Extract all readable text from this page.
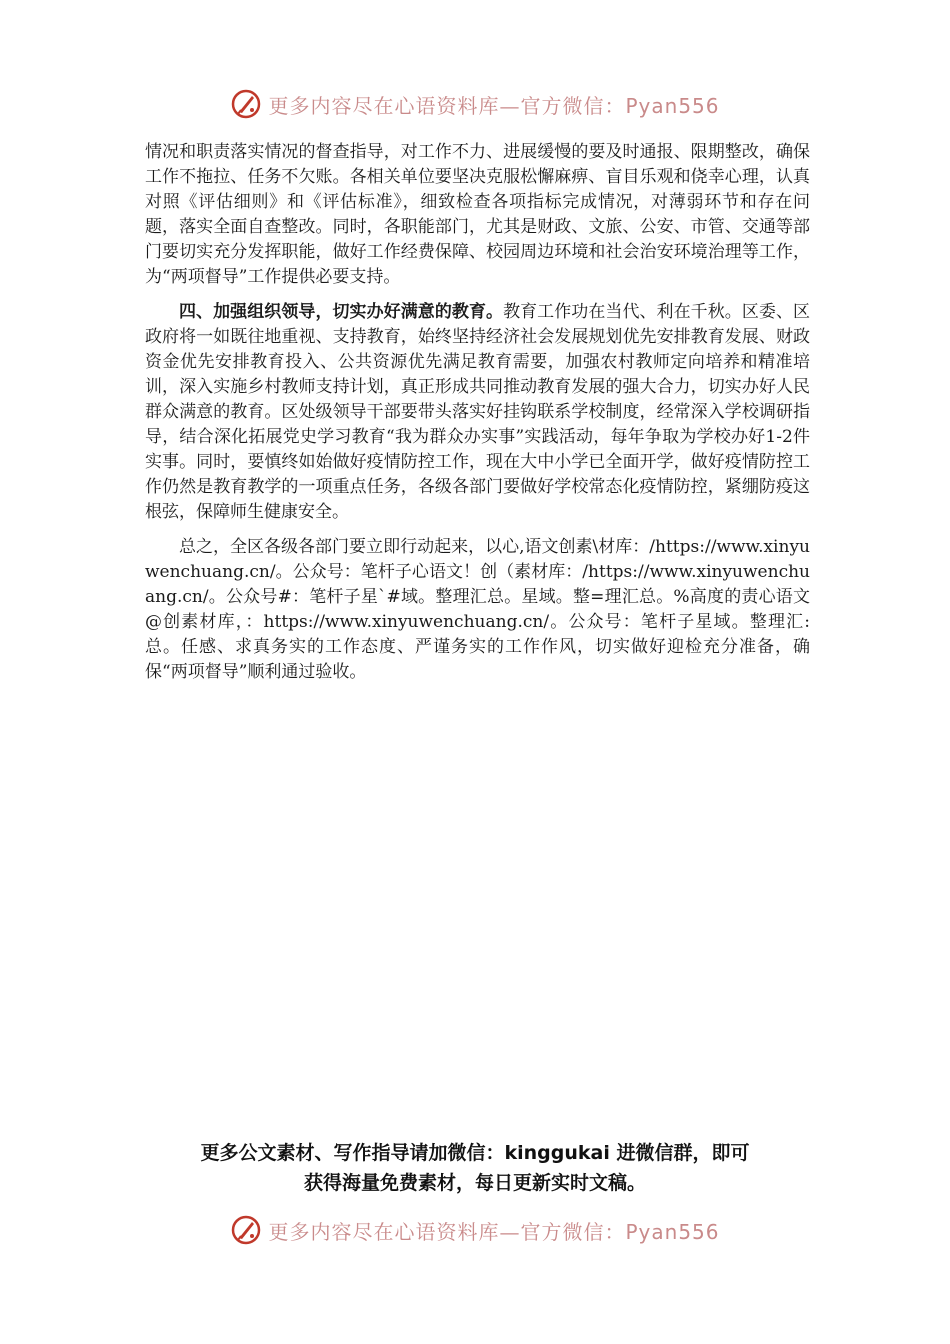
更多内容尽在心语资料库—官方微信：Pyan556

情况和职责落实情况的督查指导，对工作不力、进展缓慢的要及时通报、限期整改，确保工作不拖拉、任务不欠账。各相关单位要坚决克服松懈麻痹、盲目乐观和侥幸心理，认真对照《评估细则》和《评估标准》，细致检查各项指标完成情况，对薄弱环节和存在问题，落实全面自查整改。同时，各职能部门，尤其是财政、文旅、公安、市管、交通等部门要切实充分发挥职能，做好工作经费保障、校园周边环境和社会治安环境治理等工作，为“两项督导”工作提供必要支持。

四、加强组织领导，切实办好满意的教育。教育工作功在当代、利在千秋。区委、区政府将一如既往地重视、支持教育，始终坚持经济社会发展规划优先安排教育发展、财政资金优先安排教育投入、公共资源优先满足教育需要，加强农村教师定向培养和精准培训，深入实施乡村教师支持计划，真正形成共同推动教育发展的强大合力，切实办好人民群众满意的教育。区处级领导干部要带头落实好挂钩联系学校制度，经常深入学校调研指导，结合深化拓展党史学习教育“我为群众办实事”实践活动，每年争取为学校办好1-2件实事。同时，要慎终如始做好疫情防控工作，现在大中小学已全面开学，做好疫情防控工作仍然是教育教学的一项重点任务，各级各部门要做好学校常态化疫情防控，紧绷防疫这根弦，保障师生健康安全。

总之，全区各级各部门要立即行动起来，以心,语文创素\材库：/https://www.xinyuwenchuang.cn/。公众号：笔杆子心语文！创（素材库：/https://www.xinyuwenchuang.cn/。公众号#：笔杆子星`#域。整理汇总。星域。整=理汇总。%高度的责心语文@创素材库，：https://www.xinyuwenchuang.cn/。公众号：笔杆子星域。整理汇:总。任感、求真务实的工作态度、严谨务实的工作作风，切实做好迎检充分准备，确保“两项督导”顺利通过验收。

更多公文素材、写作指导请加微信：kinggukai 进微信群，即可
获得海量免费素材，每日更新实时文稿。
更多内容尽在心语资料库—官方微信：Pyan556
